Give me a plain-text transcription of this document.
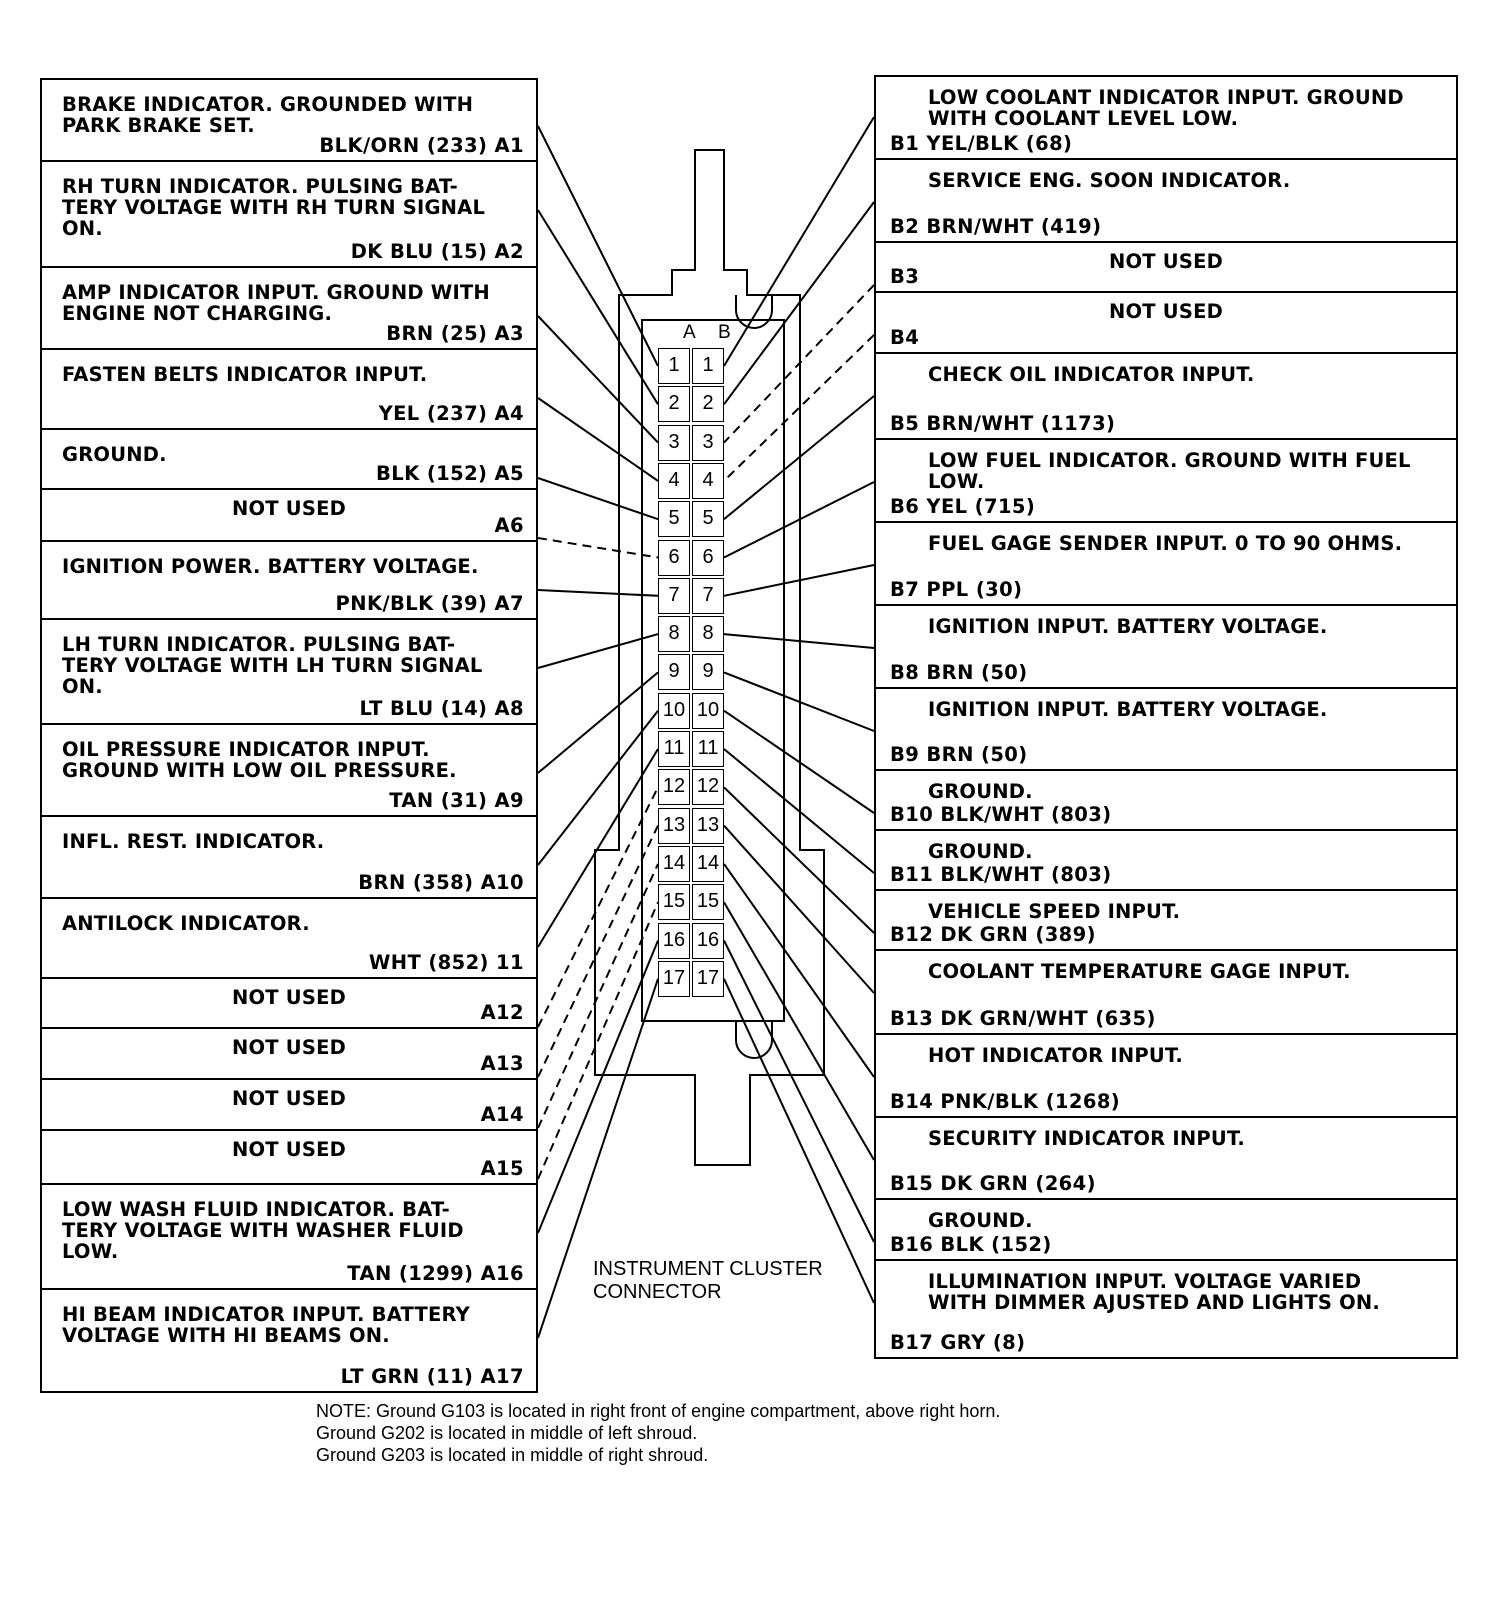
BRAKE INDICATOR. GROUNDED WITH
PARK BRAKE SET.
BLK/ORN (233) A1
RH TURN INDICATOR. PULSING BAT-
TERY VOLTAGE WITH RH TURN SIGNAL
ON.
DK BLU (15) A2
AMP INDICATOR INPUT. GROUND WITH
ENGINE NOT CHARGING.
BRN (25) A3
FASTEN BELTS INDICATOR INPUT.
YEL (237) A4
GROUND.
BLK (152) A5
NOT USED
A6
IGNITION POWER. BATTERY VOLTAGE.
PNK/BLK (39) A7
LH TURN INDICATOR. PULSING BAT-
TERY VOLTAGE WITH LH TURN SIGNAL
ON.
LT BLU (14) A8
OIL PRESSURE INDICATOR INPUT.
GROUND WITH LOW OIL PRESSURE.
TAN (31) A9
INFL. REST. INDICATOR.
BRN (358) A10
ANTILOCK INDICATOR.
WHT (852) 11
NOT USED
A12
NOT USED
A13
NOT USED
A14
NOT USED
A15
LOW WASH FLUID INDICATOR. BAT-
TERY VOLTAGE WITH WASHER FLUID
LOW.
TAN (1299) A16
HI BEAM INDICATOR INPUT. BATTERY
VOLTAGE WITH HI BEAMS ON.
LT GRN (11) A17
LOW COOLANT INDICATOR INPUT. GROUND
WITH COOLANT LEVEL LOW.
B1 YEL/BLK (68)
SERVICE ENG. SOON INDICATOR.
B2 BRN/WHT (419)
NOT USED
B3
NOT USED
B4
CHECK OIL INDICATOR INPUT.
B5 BRN/WHT (1173)
LOW FUEL INDICATOR. GROUND WITH FUEL
LOW.
B6 YEL (715)
FUEL GAGE SENDER INPUT. 0 TO 90 OHMS.
B7 PPL (30)
IGNITION INPUT. BATTERY VOLTAGE.
B8 BRN (50)
IGNITION INPUT. BATTERY VOLTAGE.
B9 BRN (50)
GROUND.
B10 BLK/WHT (803)
GROUND.
B11 BLK/WHT (803)
VEHICLE SPEED INPUT.
B12 DK GRN (389)
COOLANT TEMPERATURE GAGE INPUT.
B13 DK GRN/WHT (635)
HOT INDICATOR INPUT.
B14 PNK/BLK (1268)
SECURITY INDICATOR INPUT.
B15 DK GRN (264)
GROUND.
B16 BLK (152)
ILLUMINATION INPUT. VOLTAGE VARIED
WITH DIMMER AJUSTED AND LIGHTS ON.
B17 GRY (8)
1	1
2	2
3	3
4	4
5	5
6	6
7	7
8	8
9	9
10 10
11 11
12 12
13 13
14 14
15 15
16 16
17 17
A B
INSTRUMENT CLUSTER
CONNECTOR
NOTE: Ground G103 is located in right front of engine compartment, above right horn.
Ground G202 is located in middle of left shroud.
Ground G203 is located in middle of right shroud.
